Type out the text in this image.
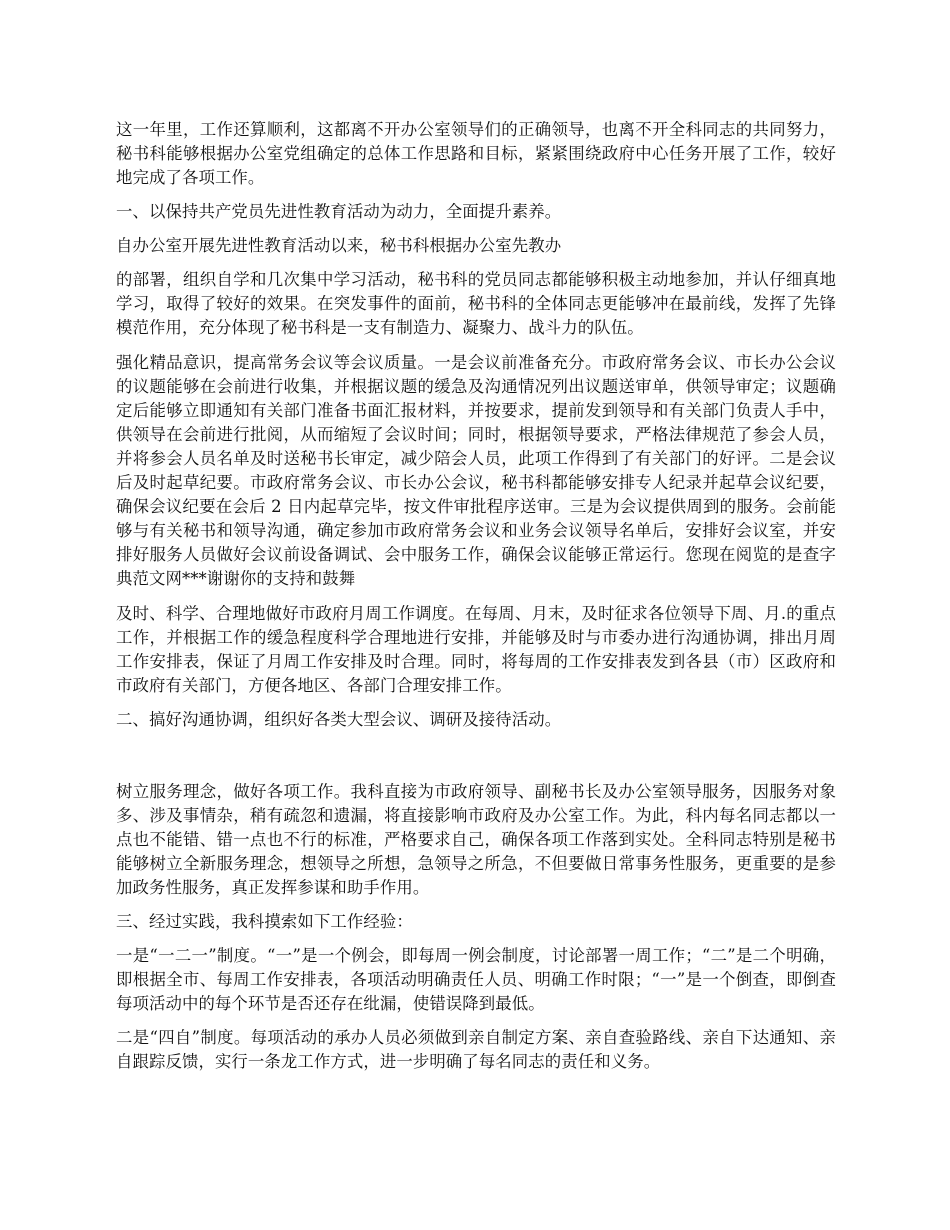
这一年里，工作还算顺利，这都离不开办公室领导们的正确领导，也离不开全科同志的共同努力，秘书科能够根据办公室党组确定的总体工作思路和目标，紧紧围绕政府中心任务开展了工作，较好地完成了各项工作。

一、以保持共产党员先进性教育活动为动力，全面提升素养。

自办公室开展先进性教育活动以来，秘书科根据办公室先教办

的部署，组织自学和几次集中学习活动，秘书科的党员同志都能够积极主动地参加，并认仔细真地学习，取得了较好的效果。在突发事件的面前，秘书科的全体同志更能够冲在最前线，发挥了先锋模范作用，充分体现了秘书科是一支有制造力、凝聚力、战斗力的队伍。

强化精品意识，提高常务会议等会议质量。一是会议前准备充分。市政府常务会议、市长办公会议的议题能够在会前进行收集，并根据议题的缓急及沟通情况列出议题送审单，供领导审定；议题确定后能够立即通知有关部门准备书面汇报材料，并按要求，提前发到领导和有关部门负责人手中，供领导在会前进行批阅，从而缩短了会议时间；同时，根据领导要求，严格法律规范了参会人员，并将参会人员名单及时送秘书长审定，减少陪会人员，此项工作得到了有关部门的好评。二是会议后及时起草纪要。市政府常务会议、市长办公会议，秘书科都能够安排专人纪录并起草会议纪要，确保会议纪要在会后 2 日内起草完毕，按文件审批程序送审。三是为会议提供周到的服务。会前能够与有关秘书和领导沟通，确定参加市政府常务会议和业务会议领导名单后，安排好会议室，并安排好服务人员做好会议前设备调试、会中服务工作，确保会议能够正常运行。您现在阅览的是查字典范文网***谢谢你的支持和鼓舞

及时、科学、合理地做好市政府月周工作调度。在每周、月末，及时征求各位领导下周、月.的重点工作，并根据工作的缓急程度科学合理地进行安排，并能够及时与市委办进行沟通协调，排出月周工作安排表，保证了月周工作安排及时合理。同时，将每周的工作安排表发到各县（市）区政府和市政府有关部门，方便各地区、各部门合理安排工作。

二、搞好沟通协调，组织好各类大型会议、调研及接待活动。

树立服务理念，做好各项工作。我科直接为市政府领导、副秘书长及办公室领导服务，因服务对象多、涉及事情杂，稍有疏忽和遗漏，将直接影响市政府及办公室工作。为此，科内每名同志都以一点也不能错、错一点也不行的标准，严格要求自己，确保各项工作落到实处。全科同志特别是秘书能够树立全新服务理念，想领导之所想，急领导之所急，不但要做日常事务性服务，更重要的是参加政务性服务，真正发挥参谋和助手作用。

三、经过实践，我科摸索如下工作经验：

一是“一二一”制度。“一”是一个例会，即每周一例会制度，讨论部署一周工作；“二”是二个明确，即根据全市、每周工作安排表，各项活动明确责任人员、明确工作时限；“一”是一个倒查，即倒查每项活动中的每个环节是否还存在纰漏，使错误降到最低。

二是“四自”制度。每项活动的承办人员必须做到亲自制定方案、亲自查验路线、亲自下达通知、亲自跟踪反馈，实行一条龙工作方式，进一步明确了每名同志的责任和义务。
